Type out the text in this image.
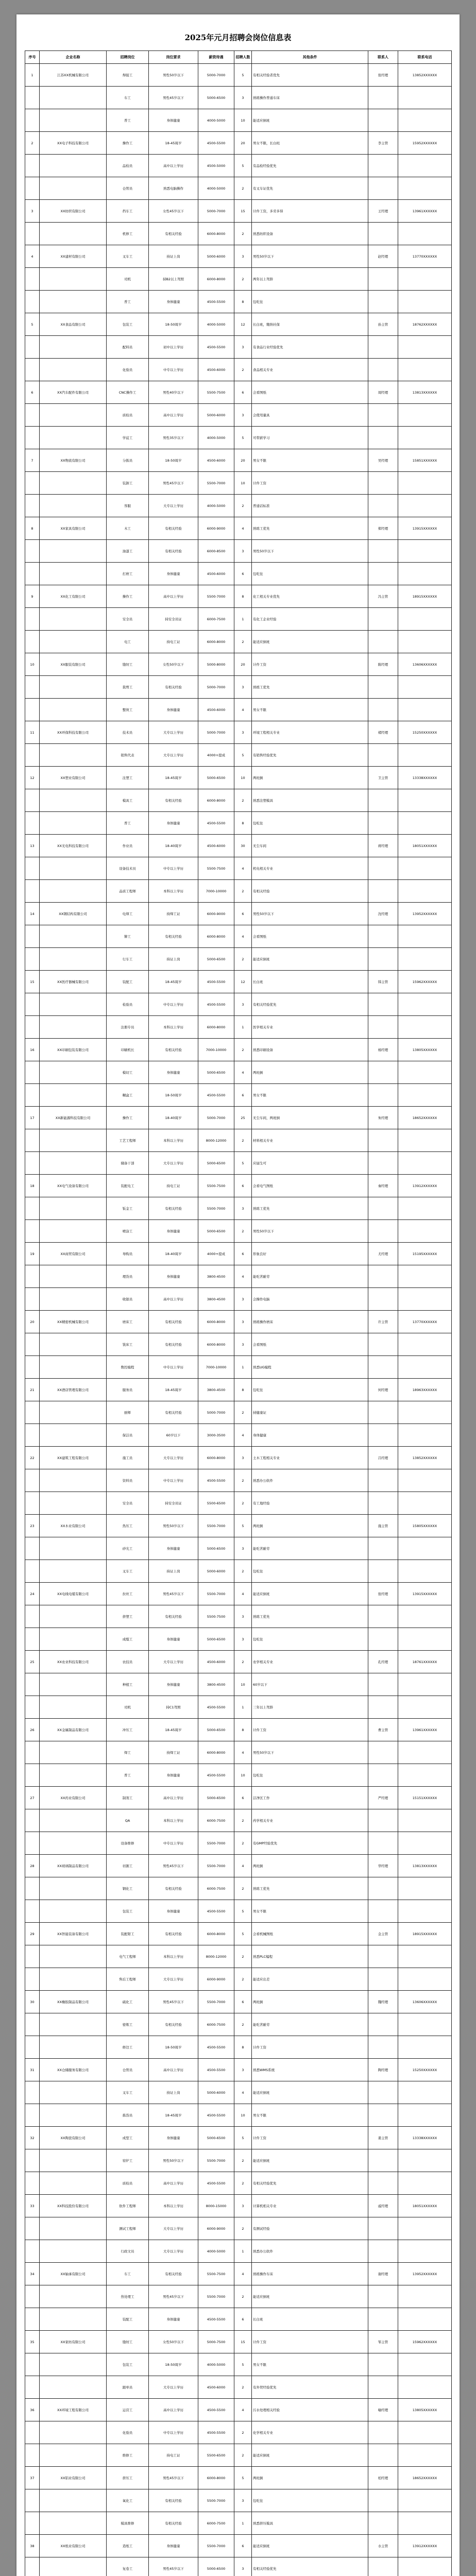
2025年元月招聘会岗位信息表
序号	企业名称	招聘岗位	岗位要求	薪资待遇	招聘人数	其他条件	联系人	联系电话
1	江苏XX机械有限公司	焊接工	男性50岁以下	5000-7000	5	有相关经验者优先	张经理	13852XXXXXX
		车工	男性45岁以下	5000-6500	3	熟练操作普通车床		
		普工	身体健康	4000-5000	10	能适应倒班		
2	XX电子科技有限公司	操作工	18-45周岁	4500-5500	20	男女不限，长白班	李主管	15952XXXXXX
		品检员	高中以上学历	4500-5000	5	有品检经验优先		
		仓管员	熟悉电脑操作	4000-5000	2	有叉车证优先		
3	XX纺织有限公司	挡车工	女性45岁以下	5000-7000	15	计件工资，多劳多得	王经理	13961XXXXXX
		机修工	有相关经验	6000-8000	2	熟悉纺织设备		
4	XX建材有限公司	叉车工	持证上岗	5000-6000	3	男性50岁以下	赵经理	13770XXXXXX
		司机	持B2以上驾照	6000-8000	2	两年以上驾龄		
		普工	身体健康	4500-5500	8	包吃住		
5	XX食品有限公司	包装工	18-50周岁	4000-5000	12	长白班，缴纳社保	孙主管	18762XXXXXX
		配料员	初中以上学历	4500-5500	3	有食品行业经验优先		
		化验员	中专以上学历	4500-6000	2	食品相关专业		
6	XX汽车配件有限公司	CNC操作工	男性40岁以下	5500-7500	6	会看图纸	周经理	13813XXXXXX
		质检员	高中以上学历	5000-6000	3	会使用量具		
		学徒工	男性35岁以下	4000-5000	5	可带薪学习		
7	XX物流有限公司	分拣员	18-50周岁	4500-6000	20	男女不限	吴经理	15851XXXXXX
		装卸工	男性45岁以下	5500-7000	10	计件工资		
		客服	大专以上学历	4000-5000	2	普通话标准		
8	XX家具有限公司	木工	有相关经验	6000-9000	4	熟练工优先	郑经理	13915XXXXXX
		油漆工	有相关经验	6000-8500	3	男性50岁以下		
		打磨工	身体健康	4500-6000	6	包吃住		
9	XX化工有限公司	操作工	高中以上学历	5500-7000	8	化工相关专业优先	冯主管	18915XXXXXX
		安全员	持安全员证	6000-7500	1	有化工企业经验		
		电工	持电工证	6000-8000	2	能适应倒班		
10	XX服装有限公司	缝纫工	女性50岁以下	5000-8000	20	计件工资	陈经理	13606XXXXXX
		裁剪工	有相关经验	5000-7000	3	熟练工优先		
		整烫工	身体健康	4500-6000	4	男女不限		
11	XX环保科技有限公司	技术员	大专以上学历	5000-7000	3	环境工程相关专业	褚经理	15250XXXXXX
		销售代表	大专以上学历	4000+提成	5	有销售经验优先		
12	XX塑业有限公司	注塑工	18-45周岁	5000-6500	10	两班倒	卫主管	13338XXXXXX
		模具工	有相关经验	6000-8000	2	熟悉注塑模具		
		普工	身体健康	4500-5500	8	包吃住		
13	XX光电科技有限公司	作业员	18-40周岁	4500-6000	30	无尘车间	蒋经理	18051XXXXXX
		设备技术员	中专以上学历	5500-7500	4	机电相关专业		
		品质工程师	本科以上学历	7000-10000	2	有相关经验		
14	XX钢结构有限公司	电焊工	持焊工证	6000-9000	6	男性50岁以下	沈经理	13952XXXXXX
		铆工	有相关经验	6000-8000	4	会看图纸		
		行车工	持证上岗	5000-6500	2	能适应倒班		
15	XX医疗器械有限公司	装配工	18-45周岁	4500-5500	12	长白班	韩主管	15962XXXXXX
		检验员	中专以上学历	4500-5500	3	有相关经验优先		
		注册专员	本科以上学历	6000-8000	1	医学相关专业		
16	XX印刷包装有限公司	印刷机长	有相关经验	7000-10000	2	熟悉印刷设备	杨经理	13805XXXXXX
		模切工	身体健康	5000-6500	4	两班倒		
		糊盒工	18-50周岁	4500-5500	6	男女不限		
17	XX新能源科技有限公司	操作工	18-40周岁	5000-7000	25	无尘车间，两班倒	朱经理	18652XXXXXX
		工艺工程师	本科以上学历	8000-12000	2	材料相关专业		
		储备干部	大专以上学历	5000-6500	5	应届生可		
18	XX电气设备有限公司	装配电工	持电工证	5500-7500	6	会看电气图纸	秦经理	13912XXXXXX
		钣金工	有相关经验	5500-7000	3	熟练工优先		
		喷涂工	身体健康	5000-6500	2	男性50岁以下		
19	XX商贸有限公司	导购员	18-40周岁	4000+提成	6	形象良好	尤经理	15195XXXXXX
		理货员	身体健康	3800-4500	4	能吃苦耐劳		
		收银员	高中以上学历	3800-4500	3	会操作电脑		
20	XX精密机械有限公司	磨床工	有相关经验	6000-8000	3	熟练操作磨床	许主管	13770XXXXXX
		铣床工	有相关经验	6000-8000	3	会看图纸		
		数控编程	中专以上学历	7000-10000	1	熟悉UG编程		
21	XX酒店管理有限公司	服务员	18-45周岁	3800-4500	8	包吃住	何经理	18963XXXXXX
		厨师	有相关经验	5000-7000	2	持健康证		
		保洁员	60岁以下	3000-3500	4	身体健康		
22	XX建筑工程有限公司	施工员	大专以上学历	6000-8000	3	土木工程相关专业	吕经理	13852XXXXXX
		资料员	中专以上学历	4500-5500	2	熟悉办公软件		
		安全员	持安全员证	5500-6500	2	有工地经验		
23	XX木业有限公司	热压工	男性50岁以下	5500-7000	5	两班倒	施主管	15805XXXXXX
		砂光工	身体健康	5000-6500	3	能吃苦耐劳		
		叉车工	持证上岗	5000-6000	2	包吃住		
24	XX电线电缆有限公司	拉丝工	男性45岁以下	5500-7000	4	能适应倒班	张经理	13915XXXXXX
		挤塑工	有相关经验	5500-7500	3	熟练工优先		
		成缆工	身体健康	5000-6500	3	包吃住		
25	XX农业科技有限公司	农技员	大专以上学历	4500-6000	2	农学相关专业	孔经理	18761XXXXXX
		种植工	身体健康	3800-4500	10	60岁以下		
		司机	持C1驾照	4500-5500	1	三年以上驾龄		
26	XX金属制品有限公司	冲压工	18-45周岁	5000-6500	8	计件工资	曹主管	13961XXXXXX
		焊工	持焊工证	6000-8000	4	男性50岁以下		
		普工	身体健康	4500-5500	10	包吃住		
27	XX药业有限公司	制剂工	高中以上学历	5000-6500	6	洁净区工作	严经理	15151XXXXXX
		QA	本科以上学历	6000-7500	2	药学相关专业		
		设备维修	中专以上学历	5500-7000	2	有GMP经验优先		
28	XX玻璃制品有限公司	切割工	男性45岁以下	5500-7000	4	两班倒	华经理	13813XXXXXX
		钢化工	有相关经验	6000-7500	2	熟练工优先		
		包装工	身体健康	4500-5500	5	男女不限		
29	XX智能装备有限公司	装配钳工	有相关经验	6000-8000	5	会看机械图纸	金主管	18915XXXXXX
		电气工程师	本科以上学历	8000-12000	2	熟悉PLC编程		
		售后工程师	大专以上学历	6000-9000	2	能适应出差		
30	XX橡胶制品有限公司	硫化工	男性45岁以下	5500-7000	6	两班倒	魏经理	13606XXXXXX
		密炼工	有相关经验	6000-7500	2	能吃苦耐劳		
		修边工	18-50周岁	4500-5500	8	计件工资		
31	XX仓储服务有限公司	仓管员	高中以上学历	4500-5500	3	熟悉WMS系统	陶经理	15250XXXXXX
		叉车工	持证上岗	5000-6000	4	能适应倒班		
		拣货员	18-45周岁	4500-5500	10	男女不限		
32	XX陶瓷有限公司	成型工	身体健康	5000-6500	5	计件工资	姜主管	13338XXXXXX
		窑炉工	男性50岁以下	5500-7000	2	能适应倒班		
		质检员	高中以上学历	4500-5500	2	有相关经验优先		
33	XX科技股份有限公司	软件工程师	本科以上学历	8000-15000	3	计算机相关专业	戚经理	18051XXXXXX
		测试工程师	大专以上学历	6000-9000	2	有测试经验		
		行政文员	大专以上学历	4000-5000	1	熟悉办公软件		
34	XX轴承有限公司	车工	有相关经验	5500-7500	4	熟练操作车床	谢经理	13952XXXXXX
		热处理工	男性45岁以下	5500-7000	2	能适应倒班		
		装配工	身体健康	4500-5500	6	长白班		
35	XX家纺有限公司	缝纫工	女性50岁以下	5000-7500	15	计件工资	邹主管	15962XXXXXX
		包装工	18-50周岁	4000-5000	5	男女不限		
		跟单员	大专以上学历	4500-6000	2	有外贸经验优先		
36	XX环境工程有限公司	运营工	高中以上学历	4500-5500	4	污水处理相关经验	喻经理	13805XXXXXX
		化验员	中专以上学历	4500-5500	2	化学相关专业		
		维修工	持电工证	5500-6500	2	能适应倒班		
37	XX铝业有限公司	挤压工	男性45岁以下	6000-8000	5	两班倒	柏经理	18652XXXXXX
		氧化工	有相关经验	5500-7000	3	包吃住		
		模具维修	有相关经验	6000-7500	1	熟悉挤压模具		
38	XX纸业有限公司	造纸工	身体健康	5500-7000	6	能适应倒班	水主管	13912XXXXXX
		复卷工	男性45岁以下	5000-6500	3	有相关经验优先		
